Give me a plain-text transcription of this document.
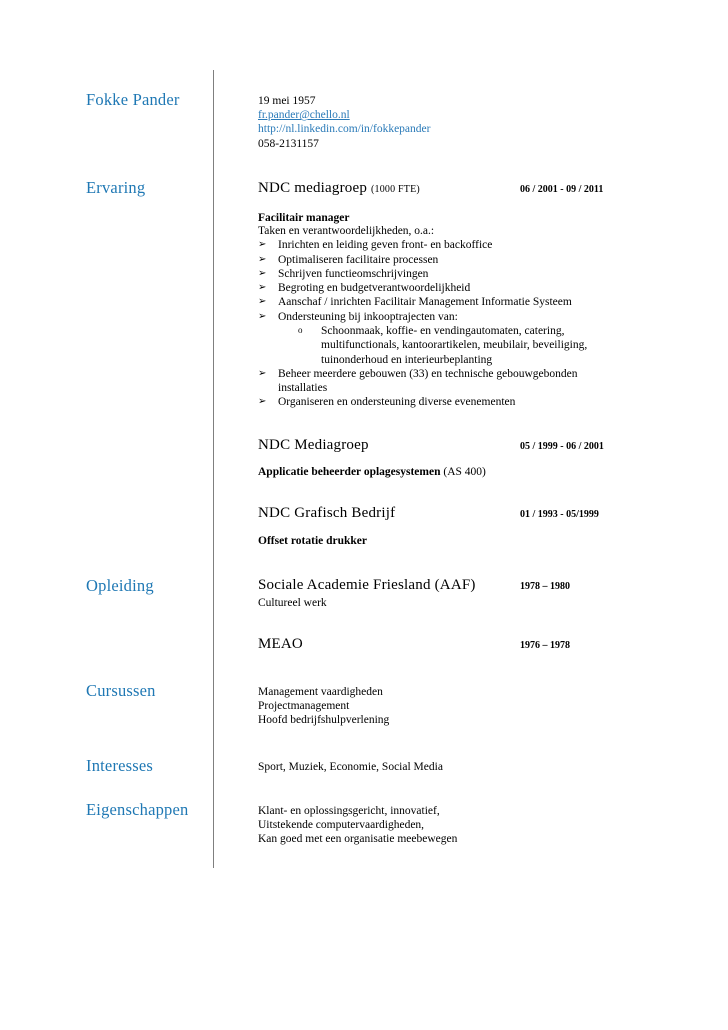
Fokke Pander	19 mei 1957
fr.pander@chello.nl
http://nl.linkedin.com/in/fokkepander
058-2131157
Ervaring	NDC mediagroep (1000 FTE)	06 / 2001 - 09 / 2011
Facilitair manager
Taken en verantwoordelijkheden, o.a.:
➢ Inrichten en leiding geven front- en backoffice
➢ Optimaliseren facilitaire processen
➢ Schrijven functieomschrijvingen
➢ Begroting en budgetverantwoordelijkheid
➢ Aanschaf / inrichten Facilitair Management Informatie Systeem
➢ Ondersteuning bij inkooptrajecten van:
o Schoonmaak, koffie- en vendingautomaten, catering, multifunctionals, kantoorartikelen, meubilair, beveiliging, tuinonderhoud en interieurbeplanting
➢ Beheer meerdere gebouwen (33) en technische gebouwgebonden installaties
➢ Organiseren en ondersteuning diverse evenementen
NDC Mediagroep	05 / 1999 - 06 / 2001
Applicatie beheerder oplagesystemen (AS 400)
NDC Grafisch Bedrijf	01 / 1993 - 05/1999
Offset rotatie drukker
Opleiding	Sociale Academie Friesland (AAF)	1978 – 1980
Cultureel werk
MEAO	1976 – 1978
Cursussen	Management vaardigheden
Projectmanagement
Hoofd bedrijfshulpverlening
Interesses	Sport, Muziek, Economie, Social Media
Eigenschappen	Klant- en oplossingsgericht, innovatief,
Uitstekende computervaardigheden,
Kan goed met een organisatie meebewegen
